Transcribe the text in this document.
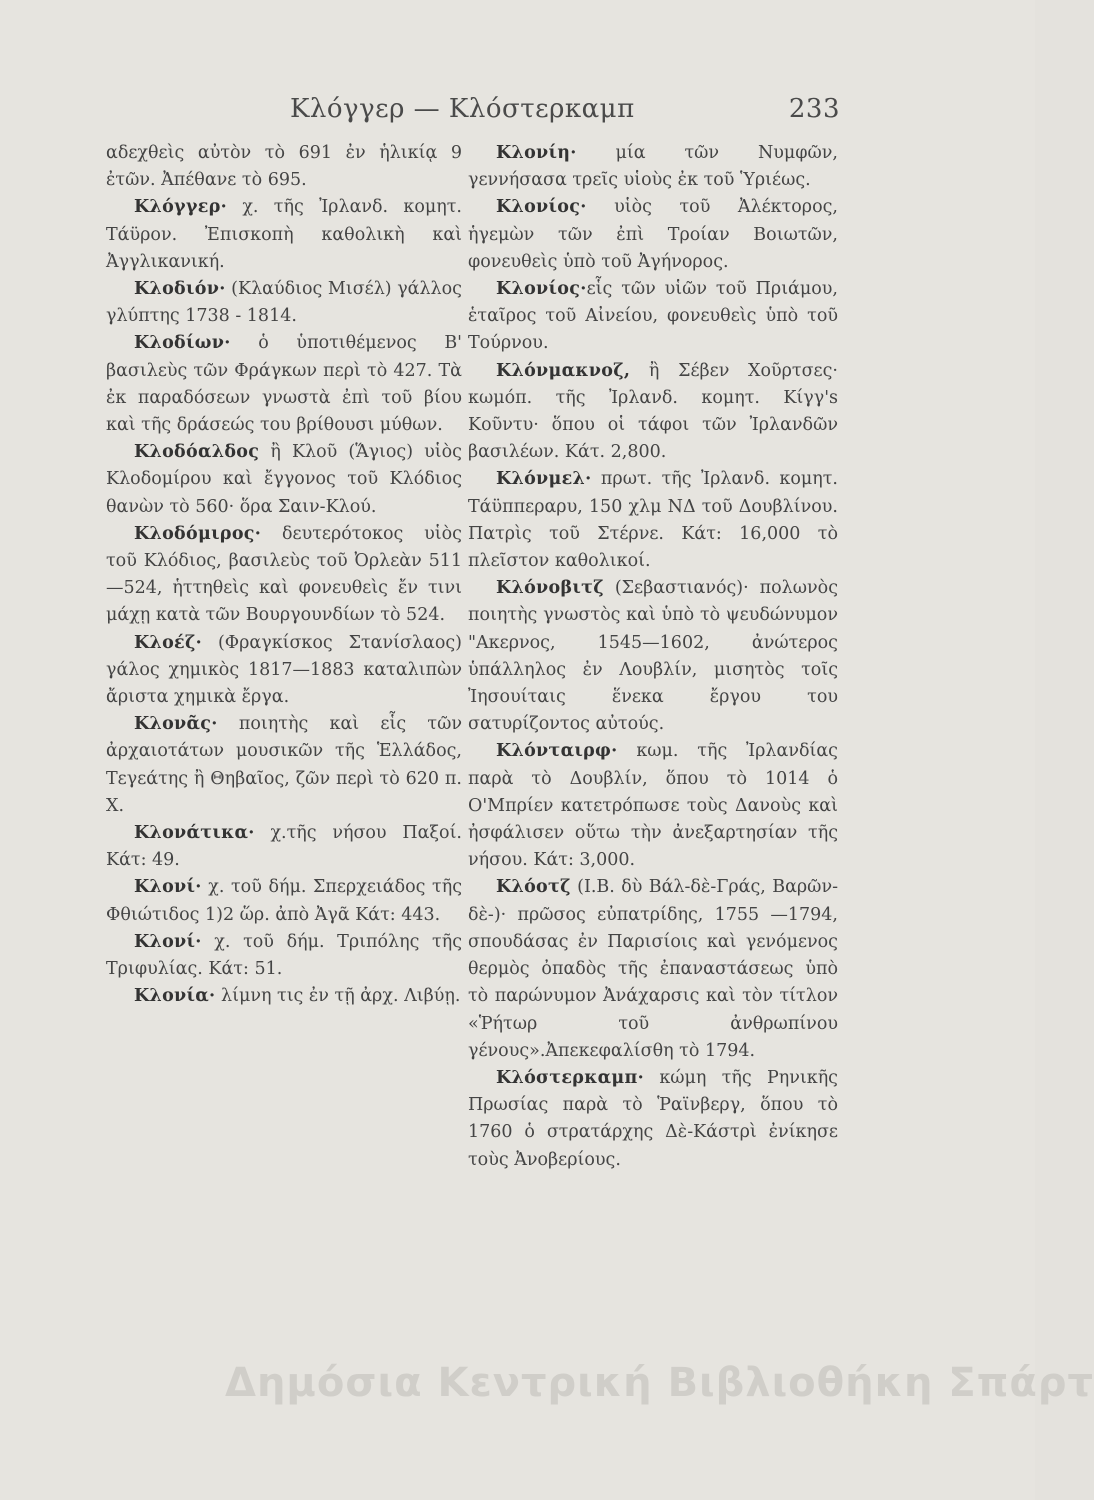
Κλόγγερ — Κλόστερκαμπ	233

αδεχθεὶς αὐτὸν τὸ 691 ἐν ἡλικίᾳ 9 ἐτῶν. Ἀπέθανε τὸ 695.

Κλόγγερ· χ. τῆς Ἰρλανδ. κομητ. Τάϋρον. Ἐπισκοπὴ καθολικὴ καὶ Ἀγγλικανική.

Κλοδιόν· (Κλαύδιος Μισέλ) γάλλος γλύπτης 1738 - 1814.

Κλοδίων· ὁ ὑποτιθέμενος Β' βασιλεὺς τῶν Φράγκων περὶ τὸ 427. Τὰ ἐκ παραδόσεων γνωστὰ ἐπὶ τοῦ βίου καὶ τῆς δράσεώς του βρίθουσι μύθων.

Κλοδόαλδος ἢ Κλοῦ (Ἅγιος) υἱὸς Κλοδομίρου καὶ ἔγγονος τοῦ Κλόδιος θανὼν τὸ 560· ὅρα Σαιν-Κλού.

Κλοδόμιρος· δευτερότοκος υἱὸς τοῦ Κλόδιος, βασιλεὺς τοῦ Ὀρλεὰν 511—524, ἡττηθεὶς καὶ φονευθεὶς ἔν τινι μάχῃ κατὰ τῶν Βουργουνδίων τὸ 524.

Κλοέζ· (Φραγκίσκος Στανίσλαος) γάλος χημικὸς 1817—1883 καταλιπὼν ἄριστα χημικὰ ἔργα.

Κλονᾶς· ποιητὴς καὶ εἷς τῶν ἀρχαιοτάτων μουσικῶν τῆς Ἑλλάδος, Τεγεάτης ἢ Θηβαῖος, ζῶν περὶ τὸ 620 π. Χ.

Κλονάτικα· χ.τῆς νήσου Παξοί. Κάτ: 49.

Κλονί· χ. τοῦ δήμ. Σπερχειάδος τῆς Φθιώτιδος 1)2 ὥρ. ἀπὸ Ἀγᾶ Κάτ: 443.

Κλονί· χ. τοῦ δήμ. Τριπόλης τῆς Τριφυλίας. Κάτ: 51.

Κλονία· λίμνη τις ἐν τῇ ἀρχ. Λιβύῃ.

Κλονίη· μία τῶν Νυμφῶν, γεννήσασα τρεῖς υἱοὺς ἐκ τοῦ Ὑριέως.

Κλονίος· υἱὸς τοῦ Ἀλέκτορος, ἡγεμὼν τῶν ἐπὶ Τροίαν Βοιωτῶν, φονευθεὶς ὑπὸ τοῦ Ἀγήνορος.

Κλονίος·εἷς τῶν υἱῶν τοῦ Πριάμου, ἑταῖρος τοῦ Αἰνείου, φονευθεὶς ὑπὸ τοῦ Τούρνου.

Κλόνμακνοζ, ἢ Σέβεν Χοῦρτσες· κωμόπ. τῆς Ἰρλανδ. κομητ. Κίγγ's Κοῦντυ· ὅπου οἱ τάφοι τῶν Ἰρλανδῶν βασιλέων. Κάτ. 2,800.

Κλόνμελ· πρωτ. τῆς Ἰρλανδ. κομητ. Τάϋππεραρυ, 150 χλμ ΝΔ τοῦ Δουβλίνου. Πατρὶς τοῦ Στέρνε. Κάτ: 16,000 τὸ πλεῖστον καθολικοί.

Κλόνοβιτζ (Σεβαστιανός)· πολωνὸς ποιητὴς γνωστὸς καὶ ὑπὸ τὸ ψευδώνυμον "Ακερνος, 1545—1602, ἀνώτερος ὑπάλληλος ἐν Λουβλίν, μισητὸς τοῖς Ἰησουίταις ἕνεκα ἔργου του σατυρίζοντος αὐτούς.

Κλόνταιρφ· κωμ. τῆς Ἰρλανδίας παρὰ τὸ Δουβλίν, ὅπου τὸ 1014 ὁ Ο'Μπρίεν κατετρόπωσε τοὺς Δανοὺς καὶ ἠσφάλισεν οὕτω τὴν ἀνεξαρτησίαν τῆς νήσου. Κάτ: 3,000.

Κλόοτζ (Ι.Β. δὺ Βάλ-δὲ-Γράς, Βαρῶν-δὲ-)· πρῶσος εὐπατρίδης, 1755 —1794, σπουδάσας ἐν Παρισίοις καὶ γενόμενος θερμὸς ὀπαδὸς τῆς ἐπαναστάσεως ὑπὸ τὸ παρώνυμον Ἀνάχαρσις καὶ τὸν τίτλον «Ῥήτωρ τοῦ ἀνθρωπίνου γένους».Ἀπεκεφαλίσθη τὸ 1794.

Κλόστερκαμπ· κώμη τῆς Ρηνικῆς Πρωσίας παρὰ τὸ Ῥαϊνβεργ, ὅπου τὸ 1760 ὁ στρατάρχης Δὲ-Κάστρὶ ἐνίκησε τοὺς Ἀνοβερίους.

Δημόσια Κεντρική Βιβλιοθήκη Σπάρτ
